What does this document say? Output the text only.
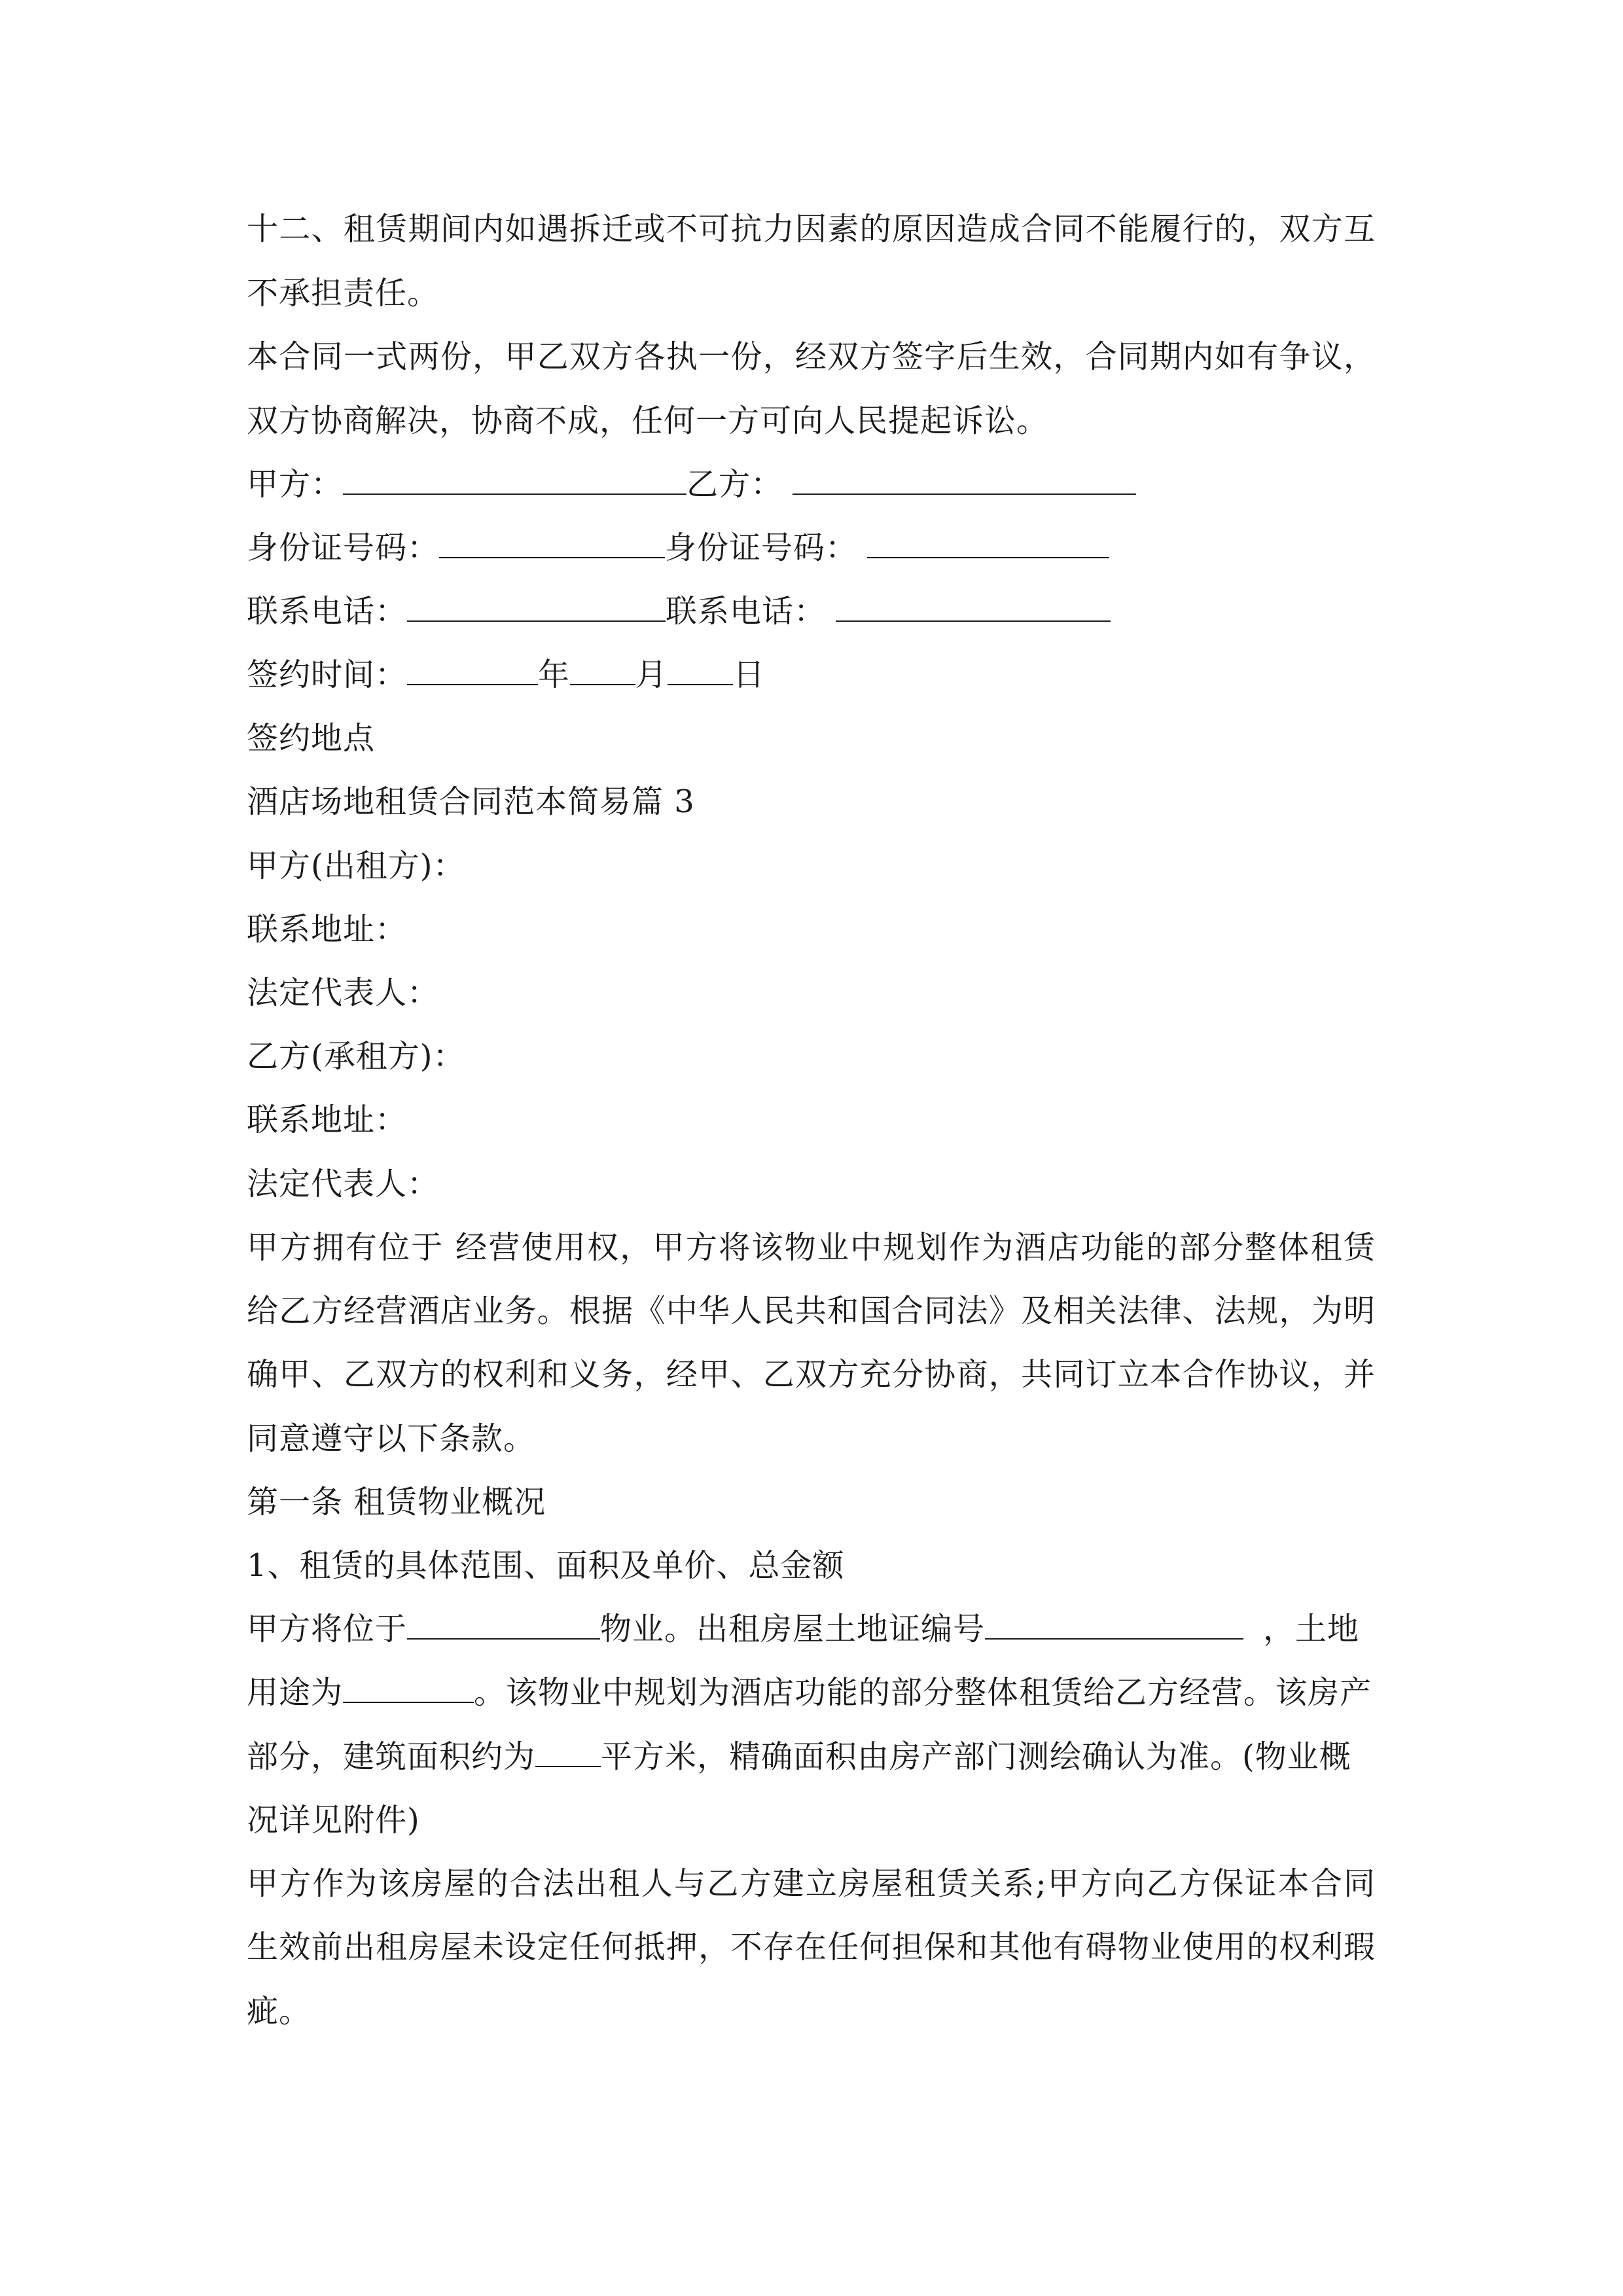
十二、租赁期间内如遇拆迁或不可抗力因素的原因造成合同不能履行的，双方互
不承担责任。
本合同一式两份，甲乙双方各执一份，经双方签字后生效，合同期内如有争议，
双方协商解决，协商不成，任何一方可向人民提起诉讼。
甲方：	乙方：
身份证号码：	身份证号码：
联系电话：	联系电话：
签约时间：	年 月 日
签约地点
酒店场地租赁合同范本简易篇 3
甲方(出租方)：
联系地址：
法定代表人：
乙方(承租方)：
联系地址：
法定代表人：
甲方拥有位于 经营使用权，甲方将该物业中规划作为酒店功能的部分整体租赁
给乙方经营酒店业务。根据《中华人民共和国合同法》及相关法律、法规，为明
确甲、乙双方的权利和义务，经甲、乙双方充分协商，共同订立本合作协议，并
同意遵守以下条款。
第一条 租赁物业概况
1、租赁的具体范围、面积及单价、总金额
甲方将位于	物业。出租房屋土地证编号	，土地
用途为	。该物业中规划为酒店功能的部分整体租赁给乙方经营。该房产
部分，建筑面积约为 平方米，精确面积由房产部门测绘确认为准。(物业概
况详见附件)
甲方作为该房屋的合法出租人与乙方建立房屋租赁关系;甲方向乙方保证本合同
生效前出租房屋未设定任何抵押，不存在任何担保和其他有碍物业使用的权利瑕
疵。
